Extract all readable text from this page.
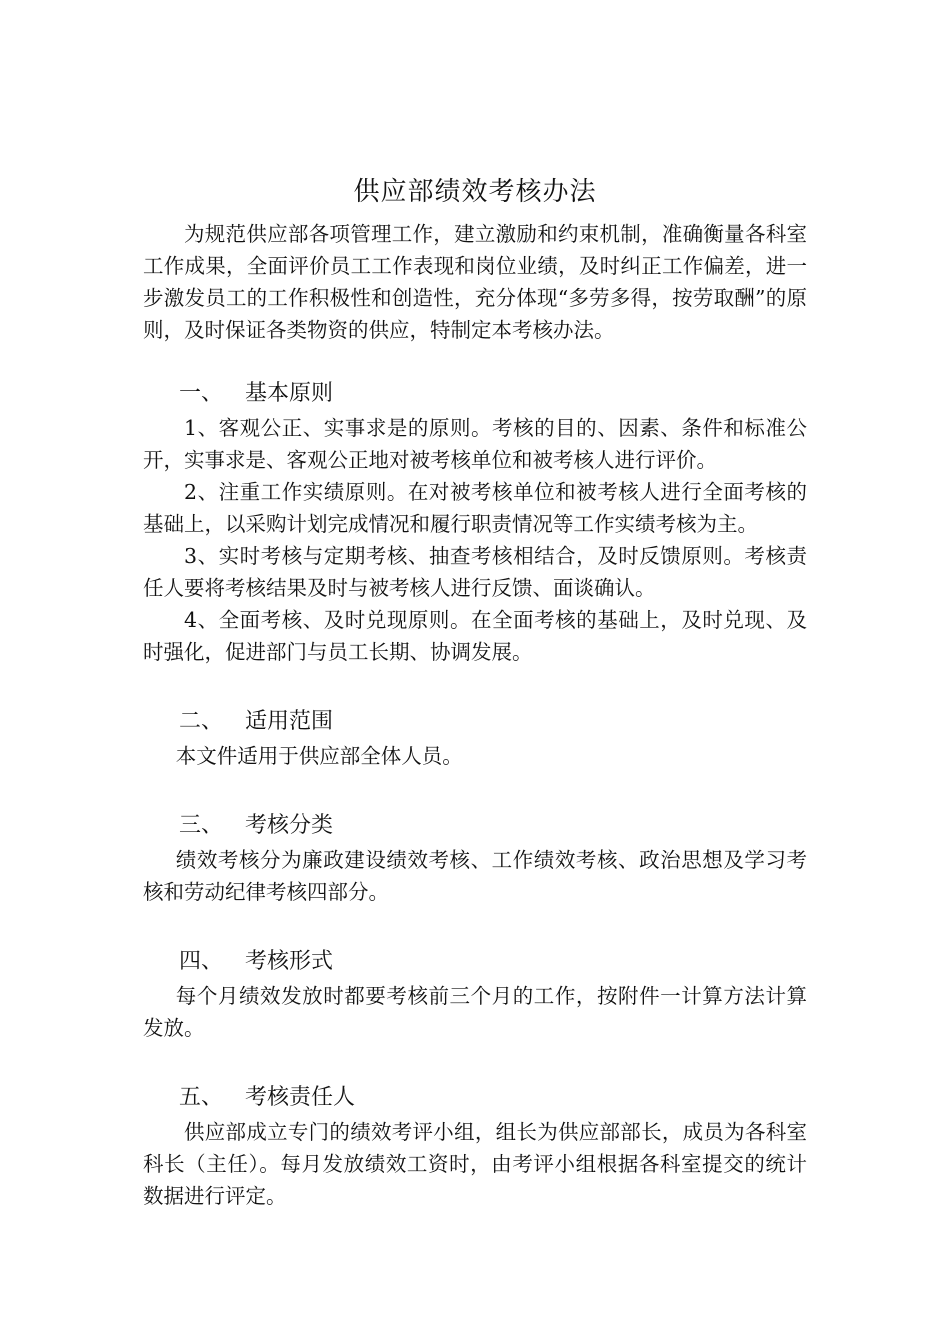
供应部绩效考核办法

为规范供应部各项管理工作，建立激励和约束机制，准确衡量各科室工作成果，全面评价员工工作表现和岗位业绩，及时纠正工作偏差，进一步激发员工的工作积极性和创造性，充分体现“多劳多得，按劳取酬”的原则，及时保证各类物资的供应，特制定本考核办法。

一、 基本原则

1、客观公正、实事求是的原则。考核的目的、因素、条件和标准公开，实事求是、客观公正地对被考核单位和被考核人进行评价。

2、注重工作实绩原则。在对被考核单位和被考核人进行全面考核的基础上，以采购计划完成情况和履行职责情况等工作实绩考核为主。

3、实时考核与定期考核、抽查考核相结合，及时反馈原则。考核责任人要将考核结果及时与被考核人进行反馈、面谈确认。

4、全面考核、及时兑现原则。在全面考核的基础上，及时兑现、及时强化，促进部门与员工长期、协调发展。

二、 适用范围

本文件适用于供应部全体人员。

三、 考核分类

绩效考核分为廉政建设绩效考核、工作绩效考核、政治思想及学习考核和劳动纪律考核四部分。

四、 考核形式

每个月绩效发放时都要考核前三个月的工作，按附件一计算方法计算发放。

五、 考核责任人

供应部成立专门的绩效考评小组，组长为供应部部长，成员为各科室科长（主任）。每月发放绩效工资时，由考评小组根据各科室提交的统计数据进行评定。
